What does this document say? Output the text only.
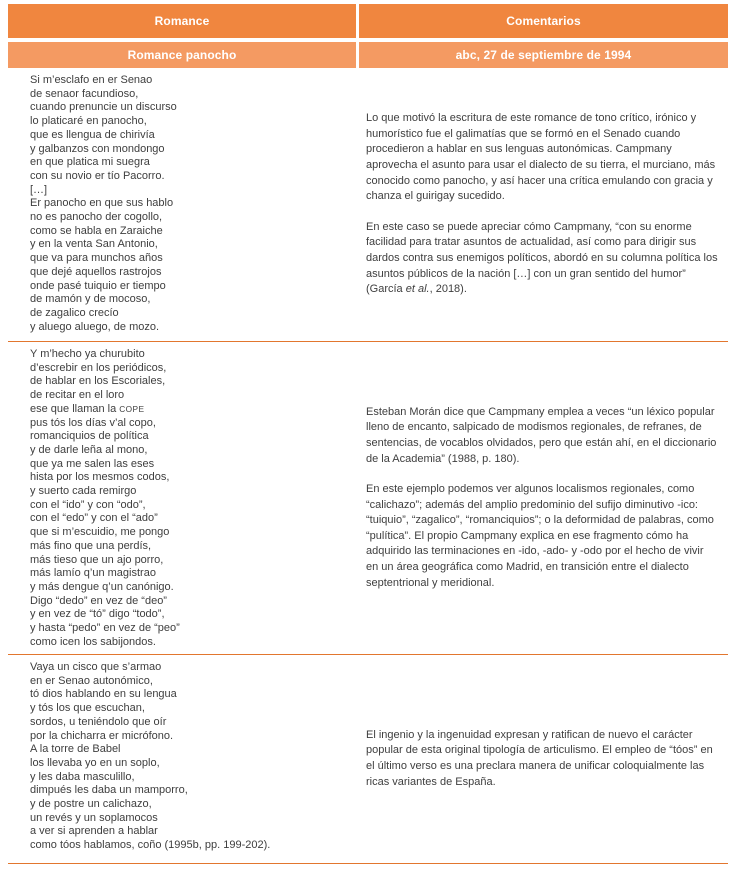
Romance	Comentarios
Romance panocho	abc, 27 de septiembre de 1994
Si m’esclafo en er Senao
de senaor facundioso,
cuando prenuncie un discurso
lo platicaré en panocho,
que es llengua de chirivía
y galbanzos con mondongo
en que platica mi suegra
con su novio er tío Pacorro.
[…]
Er panocho en que sus hablo
no es panocho der cogollo,
como se habla en Zaraiche
y en la venta San Antonio,
que va para munchos años
que dejé aquellos rastrojos
onde pasé tuiquio er tiempo
de mamón y de mocoso,
de zagalico crecío
y aluego aluego, de mozo.

Lo que motivó la escritura de este romance de tono crítico, irónico y humorístico fue el galimatías que se formó en el Senado cuando procedieron a hablar en sus lenguas autonómicas. Campmany aprovecha el asunto para usar el dialecto de su tierra, el murciano, más conocido como panocho, y así hacer una crítica emulando con gracia y chanza el guirigay sucedido.

En este caso se puede apreciar cómo Campmany, “con su enorme facilidad para tratar asuntos de actualidad, así como para dirigir sus dardos contra sus enemigos políticos, abordó en su columna política los asuntos públicos de la nación […] con un gran sentido del humor” (García et al., 2018).

Y m’hecho ya churubito
d’escrebir en los periódicos,
de hablar en los Escoriales,
de recitar en el loro
ese que llaman la COPE
pus tós los días v’al copo,
romanciquios de política
y de darle leña al mono,
que ya me salen las eses
hista por los mesmos codos,
y suerto cada remirgo
con el “ido” y con “odo”,
con el “edo” y con el “ado”
que si m’escuidio, me pongo
más fino que una perdís,
más tieso que un ajo porro,
más lamío q’un magistrao
y más dengue q’un canónigo.
Digo “dedo” en vez de “deo”
y en vez de “tó” digo “todo”,
y hasta “pedo” en vez de “peo”
como icen los sabijondos.

Esteban Morán dice que Campmany emplea a veces “un léxico popular lleno de encanto, salpicado de modismos regionales, de refranes, de sentencias, de vocablos olvidados, pero que están ahí, en el diccionario de la Academia” (1988, p. 180).

En este ejemplo podemos ver algunos localismos regionales, como “calichazo”; además del amplio predominio del sufijo diminutivo -ico: “tuiquio”, “zagalico”, “romanciquios”; o la deformidad de palabras, como “pulítica”. El propio Campmany explica en ese fragmento cómo ha adquirido las terminaciones en -ido, -ado- y -odo por el hecho de vivir en un área geográfica como Madrid, en transición entre el dialecto septentrional y meridional.

Vaya un cisco que s’armao
en er Senao autonómico,
tó dios hablando en su lengua
y tós los que escuchan,
sordos, u teniéndolo que oír
por la chicharra er micrófono.
A la torre de Babel
los llevaba yo en un soplo,
y les daba masculillo,
dimpués les daba un mamporro,
y de postre un calichazo,
un revés y un soplamocos
a ver si aprenden a hablar
como tóos hablamos, coño (1995b, pp. 199-202).

El ingenio y la ingenuidad expresan y ratifican de nuevo el carácter popular de esta original tipología de articulismo. El empleo de “tóos” en el último verso es una preclara manera de unificar coloquialmente las ricas variantes de España.
